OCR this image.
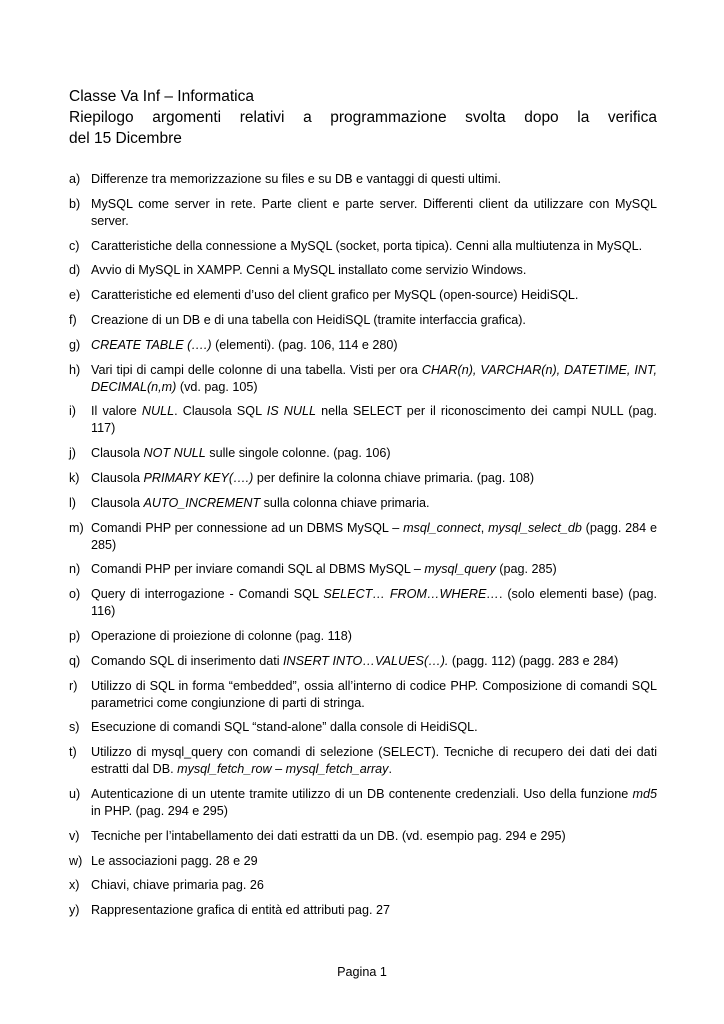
Classe Va Inf – Informatica
Riepilogo argomenti relativi a programmazione svolta dopo la verifica
del 15 Dicembre
a) Differenze tra memorizzazione su files e su DB e vantaggi di questi ultimi.
b) MySQL come server in rete. Parte client e parte server. Differenti client da utilizzare con MySQL server.
c) Caratteristiche della connessione a MySQL (socket, porta tipica). Cenni alla multiutenza in MySQL.
d) Avvio di MySQL in XAMPP. Cenni a MySQL installato come servizio Windows.
e) Caratteristiche ed elementi d’uso del client grafico per MySQL (open-source) HeidiSQL.
f) Creazione di un DB e di una tabella con HeidiSQL (tramite interfaccia grafica).
g) CREATE TABLE (….) (elementi). (pag. 106, 114 e 280)
h) Vari tipi di campi delle colonne di una tabella. Visti per ora CHAR(n), VARCHAR(n), DATETIME, INT, DECIMAL(n,m) (vd. pag. 105)
i) Il valore NULL. Clausola SQL IS NULL nella SELECT per il riconoscimento dei campi NULL (pag. 117)
j) Clausola NOT NULL sulle singole colonne. (pag. 106)
k) Clausola PRIMARY KEY(….) per definire la colonna chiave primaria. (pag. 108)
l) Clausola AUTO_INCREMENT sulla colonna chiave primaria.
m) Comandi PHP per connessione ad un DBMS MySQL – msql_connect, mysql_select_db (pagg. 284 e 285)
n) Comandi PHP per inviare comandi SQL al DBMS MySQL – mysql_query (pag. 285)
o) Query di interrogazione - Comandi SQL SELECT… FROM…WHERE…. (solo elementi base) (pag. 116)
p) Operazione di proiezione di colonne (pag. 118)
q) Comando SQL di inserimento dati INSERT INTO…VALUES(…). (pagg. 112) (pagg. 283 e 284)
r) Utilizzo di SQL in forma “embedded”, ossia all’interno di codice PHP. Composizione di comandi SQL parametrici come congiunzione di parti di stringa.
s) Esecuzione di comandi SQL “stand-alone” dalla console di HeidiSQL.
t) Utilizzo di mysql_query con comandi di selezione (SELECT). Tecniche di recupero dei dati dei dati estratti dal DB. mysql_fetch_row – mysql_fetch_array.
u) Autenticazione di un utente tramite utilizzo di un DB contenente credenziali. Uso della funzione md5 in PHP. (pag. 294 e 295)
v) Tecniche per l’intabellamento dei dati estratti da un DB. (vd. esempio pag. 294 e 295)
w) Le associazioni pagg. 28 e 29
x) Chiavi, chiave primaria pag. 26
y) Rappresentazione grafica di entità ed attributi pag. 27
Pagina 1
